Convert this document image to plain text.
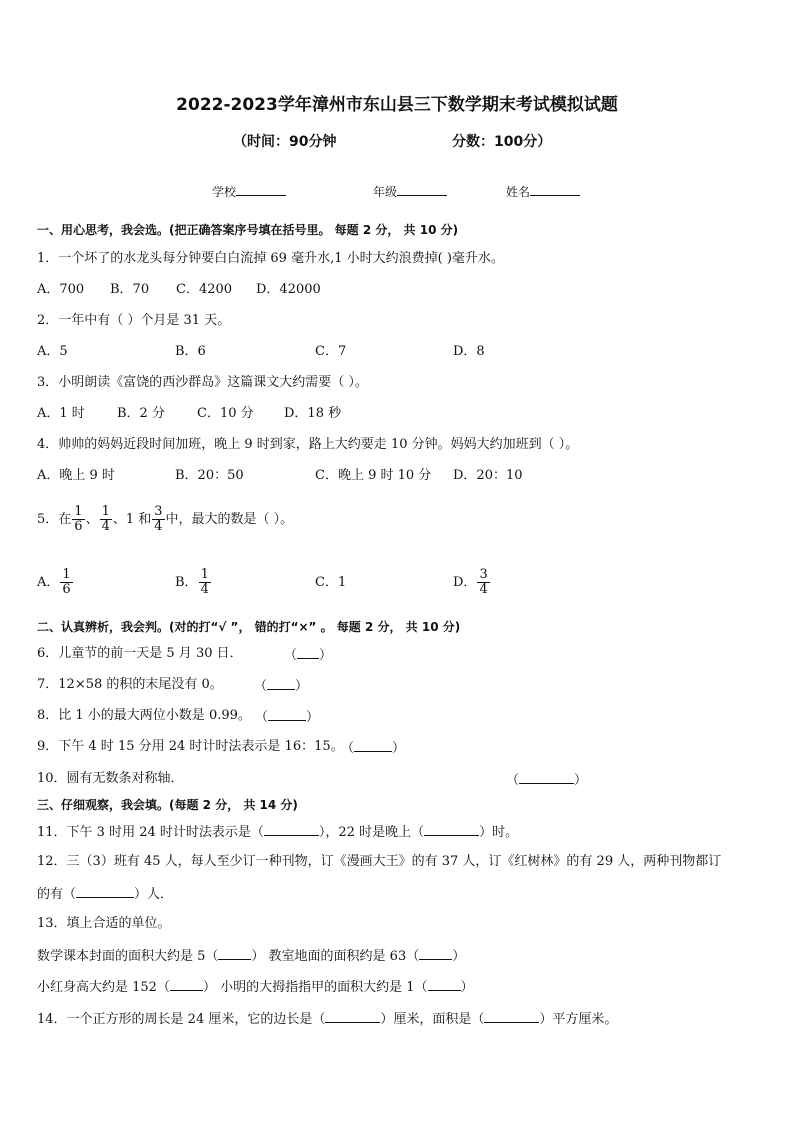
2022-2023学年漳州市东山县三下数学期末考试模拟试题
（时间：90分钟	分数：100分）
学校	年级	姓名
一、用心思考，我会选。(把正确答案序号填在括号里。 每题 2 分， 共 10 分)
1．一个坏了的水龙头每分钟要白白流掉 69 毫升水,1 小时大约浪费掉( )毫升水。
A．700 B．70 C．4200 D．42000
2．一年中有（ ）个月是 31 天。
A．5	B．6	C．7	D．8
3．小明朗读《富饶的西沙群岛》这篇课文大约需要（ ）。
A．1 时 B．2 分 C．10 分 D．18 秒
4．帅帅的妈妈近段时间加班，晚上 9 时到家，路上大约要走 10 分钟。妈妈大约加班到（ ）。
A．晚上 9 时	B．20：50	C．晚上 9 时 10 分 D．20：10
5．在 $\frac{1}{6}$ 、 $\frac{1}{4}$ 、1 和 $\frac{3}{4}$ 中，最大的数是（ ）。
A． $\frac{1}{6}$	B． $\frac{1}{4}$	C．1	D． $\frac{3}{4}$
二、认真辨析，我会判。(对的打“√ ”， 错的打“×” 。 每题 2 分， 共 10 分)
6．儿童节的前一天是 5 月 30 日．	（ ）
7．12×58 的积的末尾没有 0。 （ ）
8．比 1 小的最大两位小数是 0.99。 （	）
9．下午 4 时 15 分用 24 时计时法表示是 16：15。
（	）
10．圆有无数条对称轴．	（	）
三、仔细观察，我会填。(每题 2 分， 共 14 分)
11．下午 3 时用 24 时计时法表示是（	），22 时是晚上（	）时。
12．三（3）班有 45 人，每人至少订一种刊物，订《漫画大王》的有 37 人，订《红树林》的有 29 人，两种刊物都订
的有（	）人．
13．填上合适的单位。
数学课本封面的面积大约是 5（	） 教室地面的面积约是 63（	）
小红身高大约是 152（	） 小明的大拇指指甲的面积大约是 1（	）
14．一个正方形的周长是 24 厘米，它的边长是（	）厘米，面积是（	）平方厘米。
